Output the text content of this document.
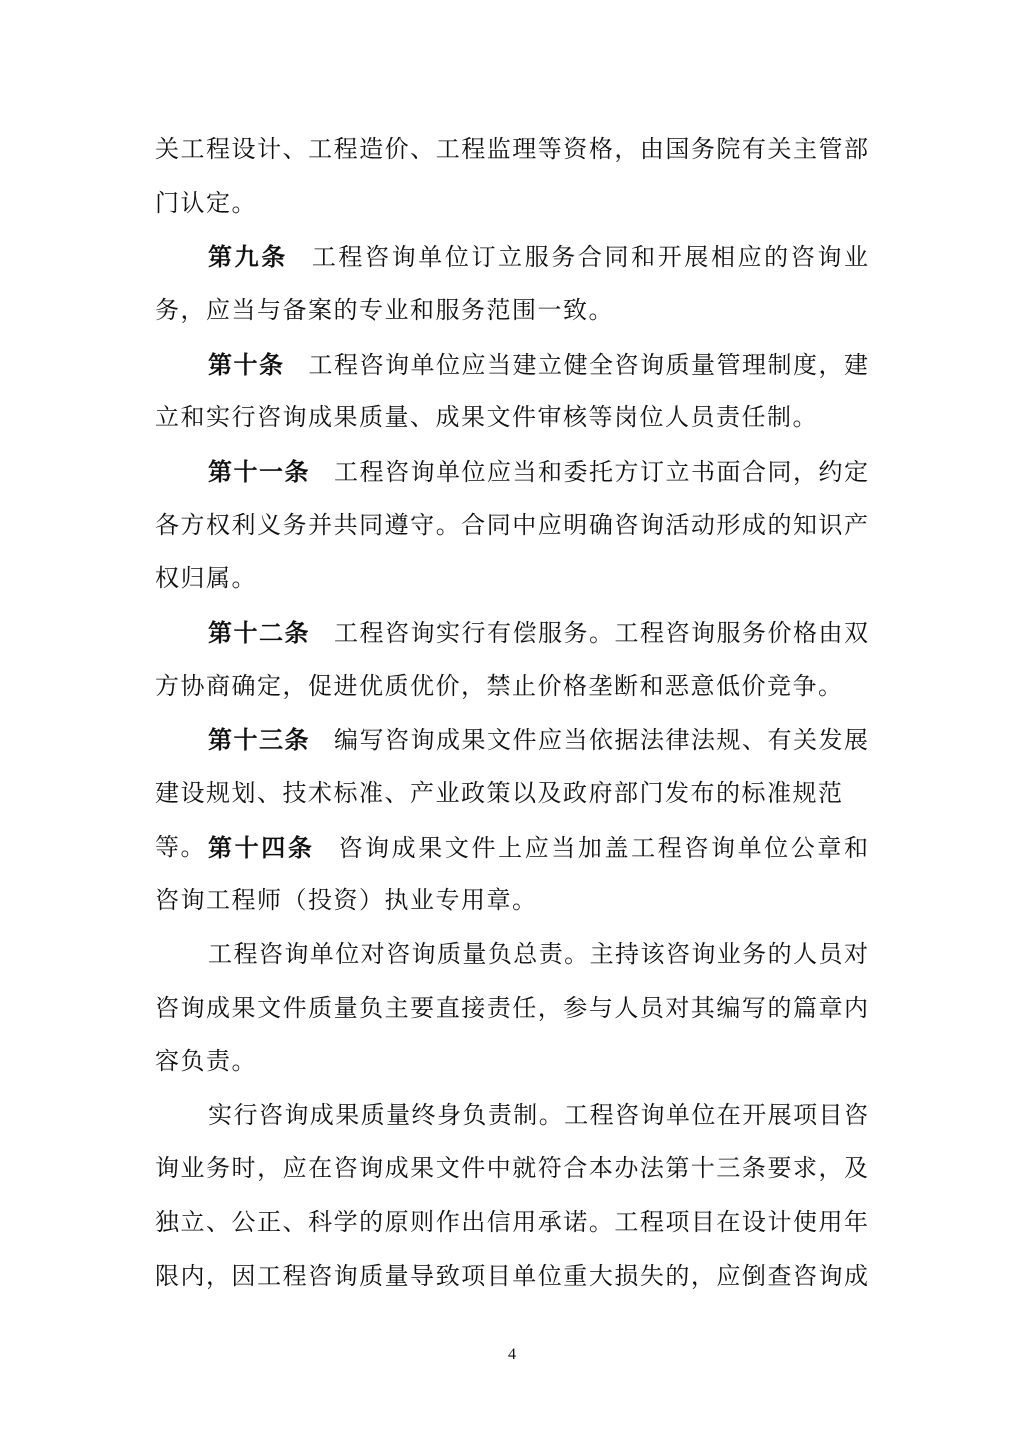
关工程设计、工程造价、工程监理等资格，由国务院有关主管部
门认定。
第九条 工程咨询单位订立服务合同和开展相应的咨询业
务，应当与备案的专业和服务范围一致。
第十条 工程咨询单位应当建立健全咨询质量管理制度，建
立和实行咨询成果质量、成果文件审核等岗位人员责任制。
第十一条 工程咨询单位应当和委托方订立书面合同，约定
各方权利义务并共同遵守。合同中应明确咨询活动形成的知识产
权归属。
第十二条 工程咨询实行有偿服务。工程咨询服务价格由双
方协商确定，促进优质优价，禁止价格垄断和恶意低价竞争。
第十三条 编写咨询成果文件应当依据法律法规、有关发展
建设规划、技术标准、产业政策以及政府部门发布的标准规范等。 第十四条 咨询成果文件上应当加盖工程咨询单位公章和
咨询工程师（投资）执业专用章。
工程咨询单位对咨询质量负总责。主持该咨询业务的人员对
咨询成果文件质量负主要直接责任，参与人员对其编写的篇章内
容负责。
实行咨询成果质量终身负责制。工程咨询单位在开展项目咨
询业务时，应在咨询成果文件中就符合本办法第十三条要求，及
独立、公正、科学的原则作出信用承诺。工程项目在设计使用年
限内，因工程咨询质量导致项目单位重大损失的，应倒查咨询成
4
